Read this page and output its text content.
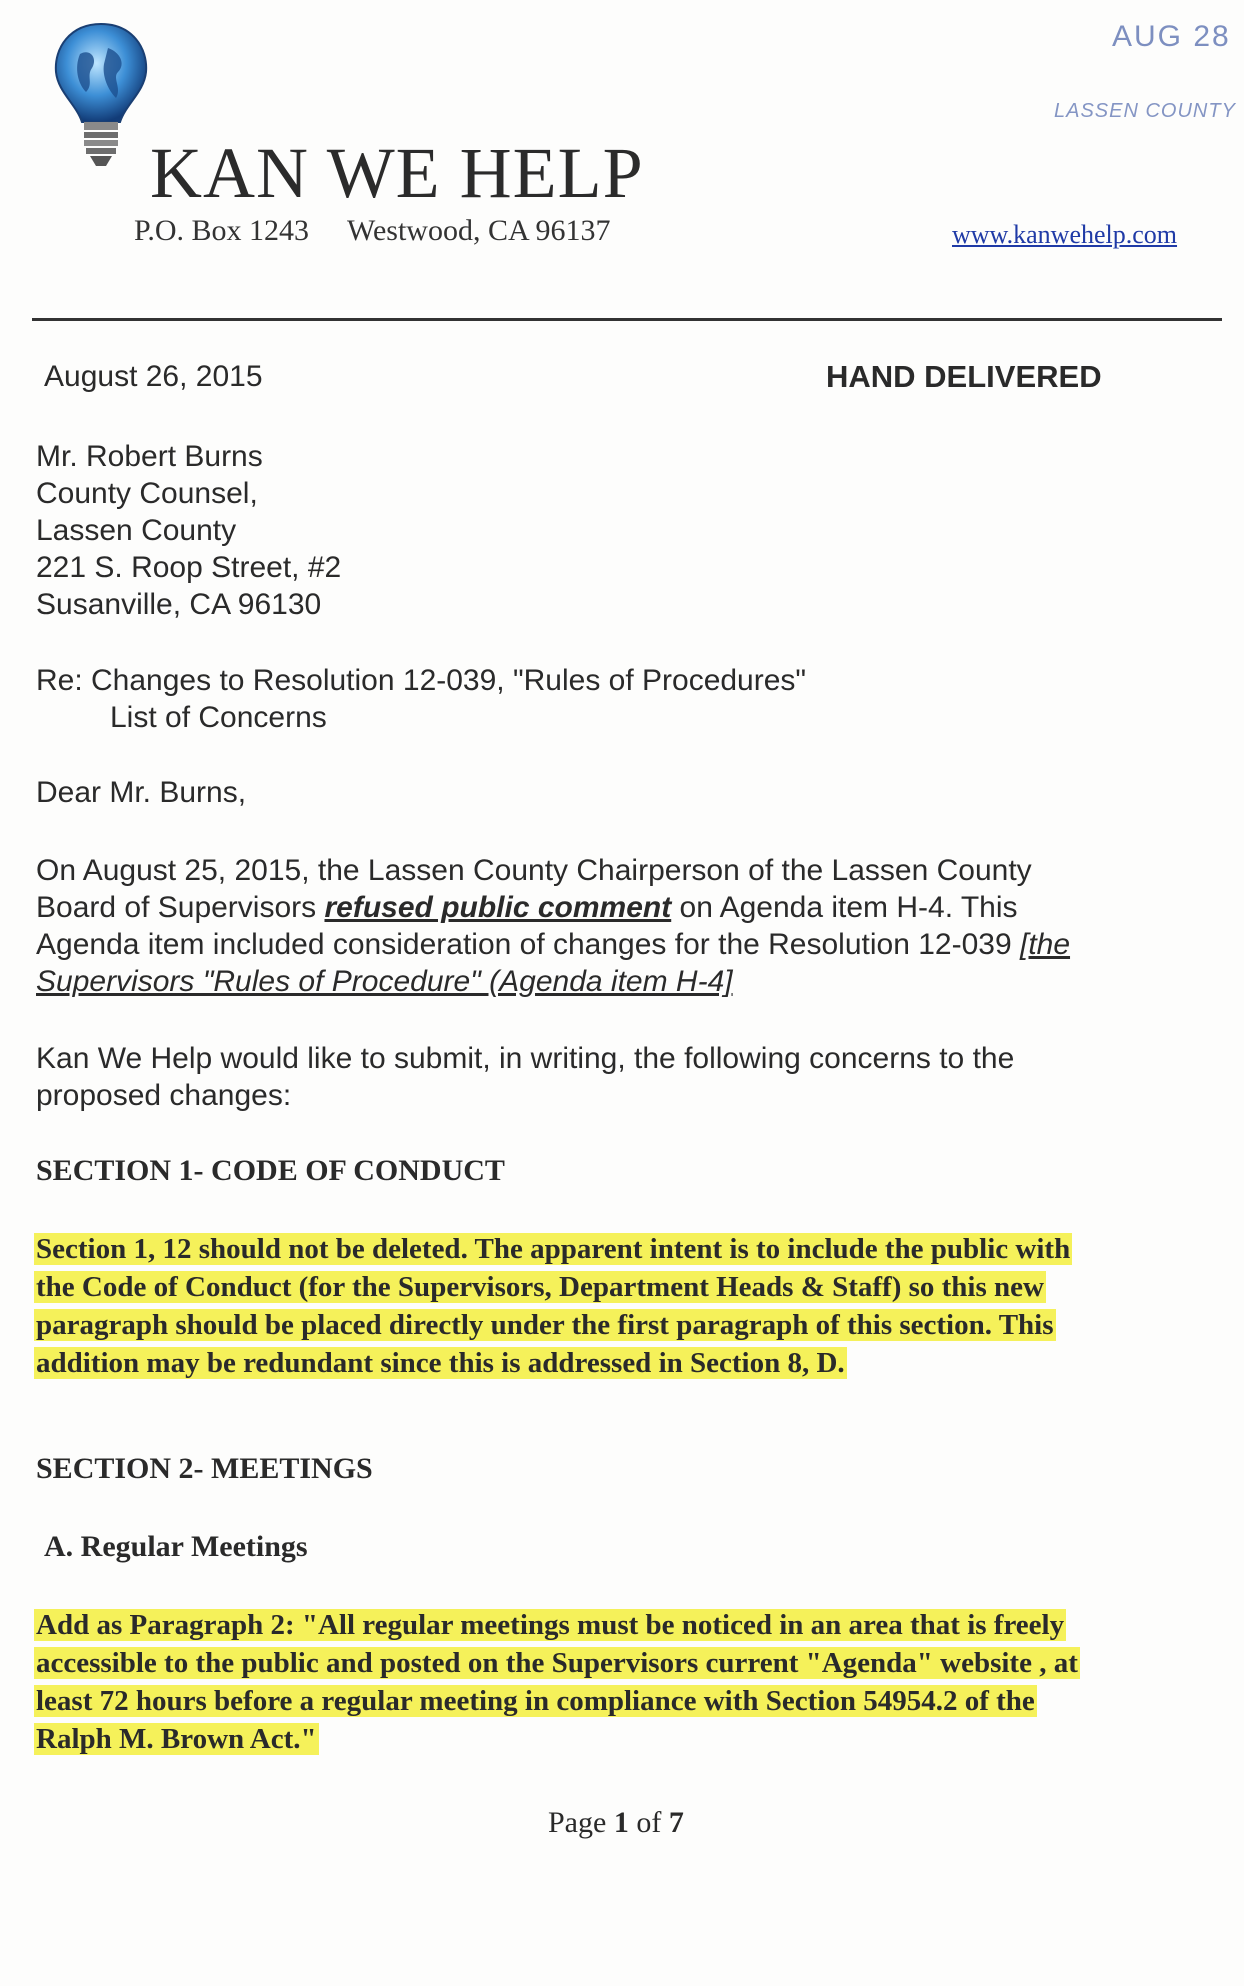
KAN WE HELP
P.O. Box 1243 Westwood, CA 96137	www.kanwehelp.com
AUG 28
LASSEN COUNTY
August 26, 2015	HAND DELIVERED
Mr. Robert Burns
County Counsel,
Lassen County
221 S. Roop Street, #2
Susanville, CA 96130
Re: Changes to Resolution 12-039, "Rules of Procedures"
List of Concerns
Dear Mr. Burns,
On August 25, 2015, the Lassen County Chairperson of the Lassen County
Board of Supervisors refused public comment on Agenda item H-4. This
Agenda item included consideration of changes for the Resolution 12-039 [the
Supervisors "Rules of Procedure" (Agenda item H-4]
Kan We Help would like to submit, in writing, the following concerns to the
proposed changes:
SECTION 1- CODE OF CONDUCT
Section 1, 12 should not be deleted. The apparent intent is to include the public with
the Code of Conduct (for the Supervisors, Department Heads & Staff) so this new
paragraph should be placed directly under the first paragraph of this section. This
addition may be redundant since this is addressed in Section 8, D.
SECTION 2- MEETINGS
A. Regular Meetings
Add as Paragraph 2: "All regular meetings must be noticed in an area that is freely
accessible to the public and posted on the Supervisors current "Agenda" website , at
least 72 hours before a regular meeting in compliance with Section 54954.2 of the
Ralph M. Brown Act."
Page 1 of 7
